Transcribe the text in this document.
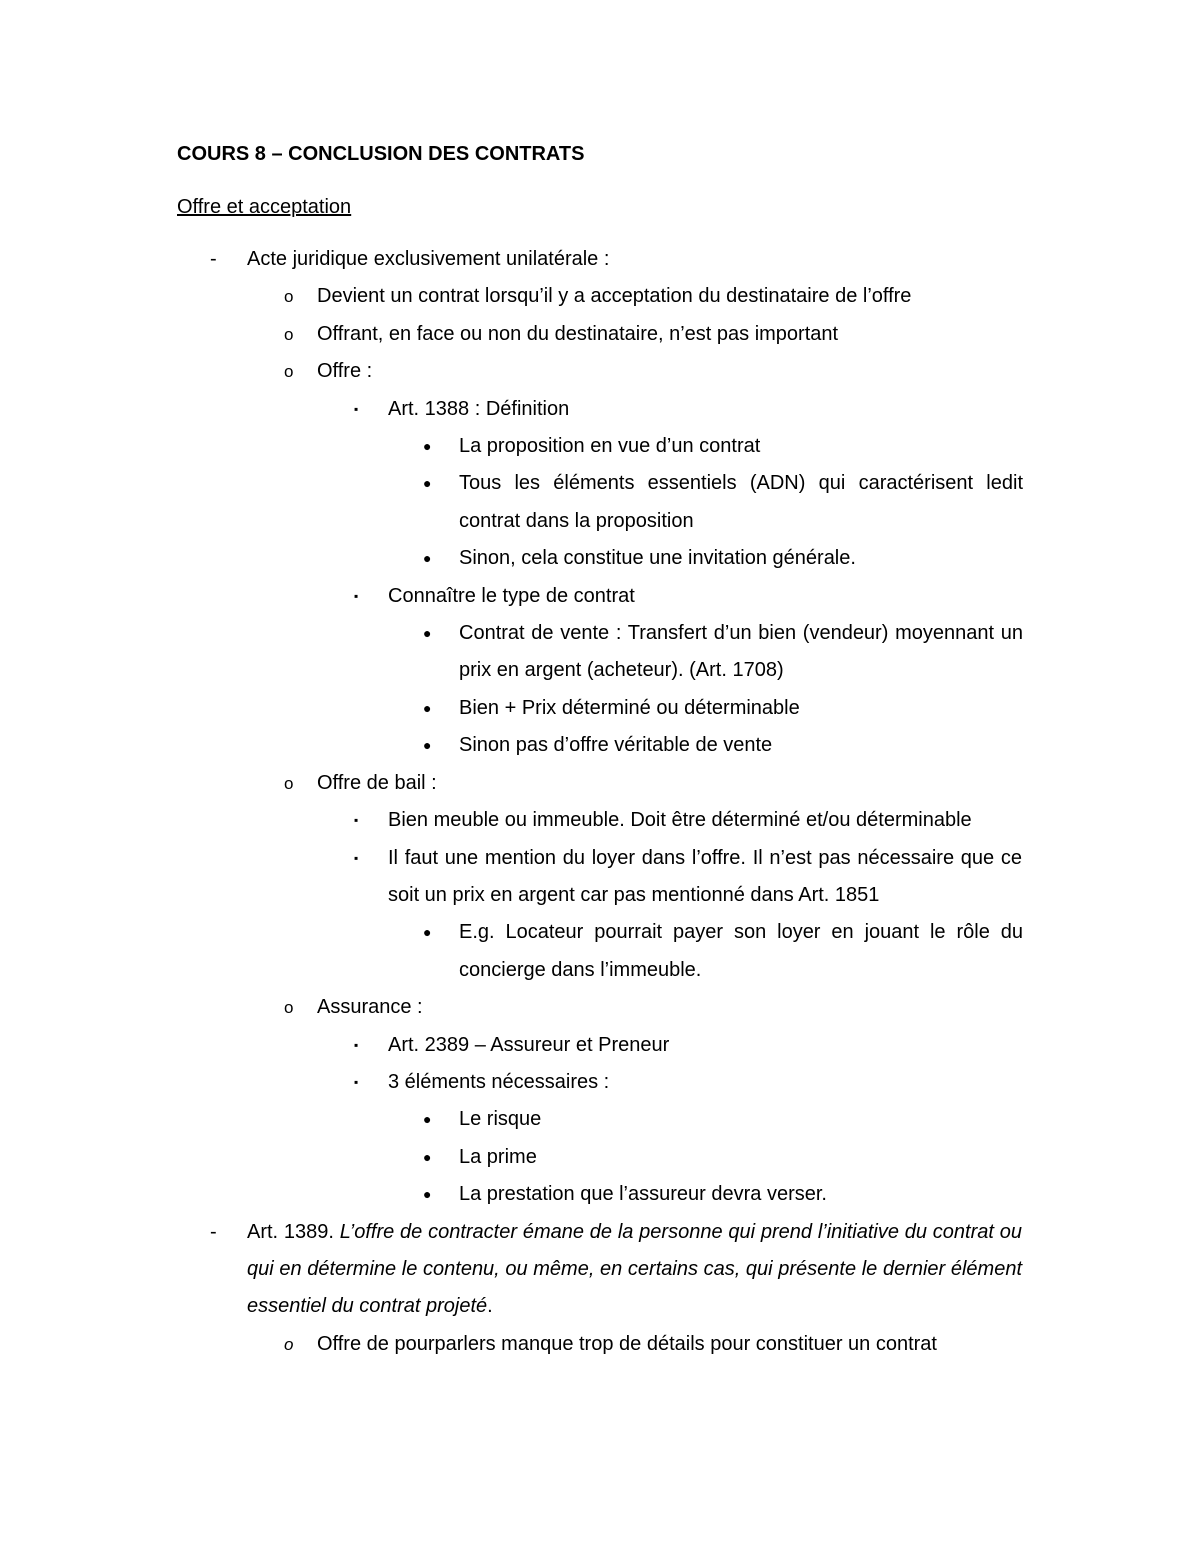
COURS 8 – CONCLUSION DES CONTRATS

Offre et acceptation

- Acte juridique exclusivement unilatérale :
o Devient un contrat lorsqu’il y a acceptation du destinataire de l’offre
o Offrant, en face ou non du destinataire, n’est pas important
o Offre :
▪ Art. 1388 : Définition
● La proposition en vue d’un contrat
● Tous les éléments essentiels (ADN) qui caractérisent ledit contrat dans la proposition
● Sinon, cela constitue une invitation générale.
▪ Connaître le type de contrat
● Contrat de vente : Transfert d’un bien (vendeur) moyennant un prix en argent (acheteur). (Art. 1708)
● Bien + Prix déterminé ou déterminable
● Sinon pas d’offre véritable de vente
o Offre de bail :
▪ Bien meuble ou immeuble. Doit être déterminé et/ou déterminable
▪ Il faut une mention du loyer dans l’offre. Il n’est pas nécessaire que ce soit un prix en argent car pas mentionné dans Art. 1851
● E.g. Locateur pourrait payer son loyer en jouant le rôle du concierge dans l’immeuble.
o Assurance :
▪ Art. 2389 – Assureur et Preneur
▪ 3 éléments nécessaires :
● Le risque
● La prime
● La prestation que l’assureur devra verser.
- Art. 1389. L’offre de contracter émane de la personne qui prend l’initiative du contrat ou qui en détermine le contenu, ou même, en certains cas, qui présente le dernier élément essentiel du contrat projeté.
o Offre de pourparlers manque trop de détails pour constituer un contrat
